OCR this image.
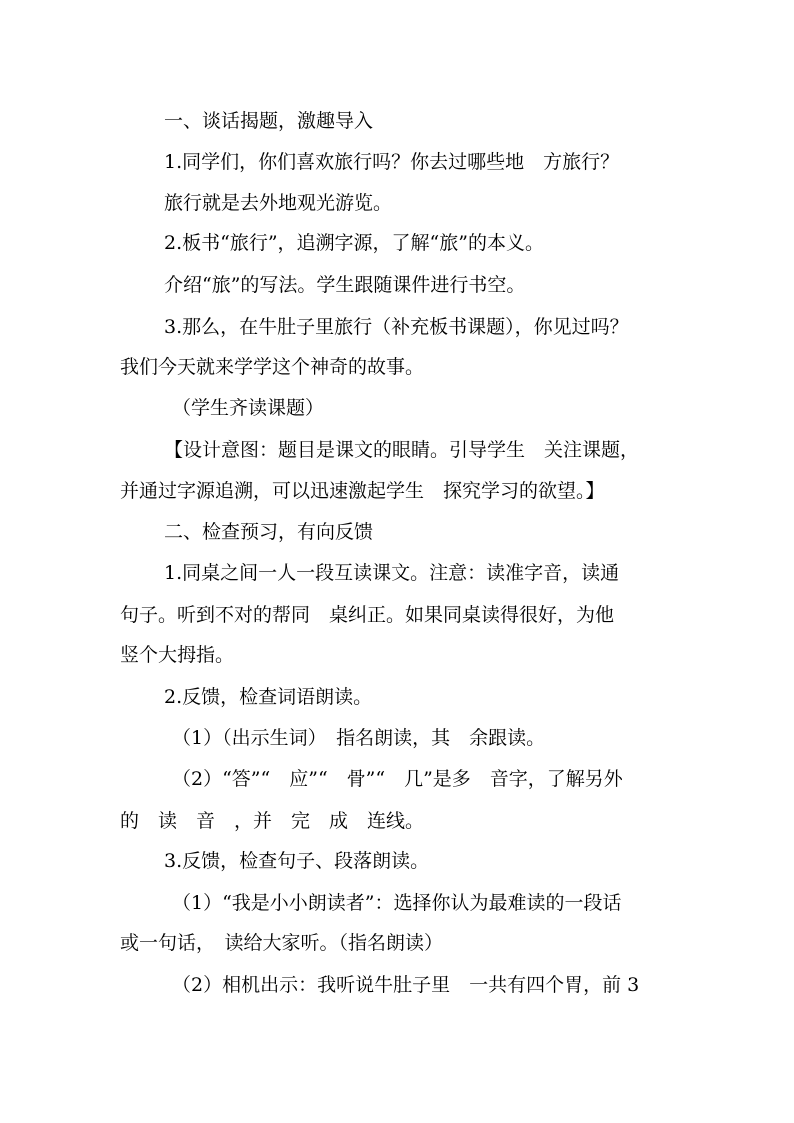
一、谈话揭题，激趣导入
1.同学们，你们喜欢旅行吗？你去过哪些地　方旅行？
旅行就是去外地观光游览。
2.板书“旅行”，追溯字源，了解“旅”的本义。
介绍“旅”的写法。学生跟随课件进行书空。
3.那么，在牛肚子里旅行（补充板书课题），你见过吗？
我们今天就来学学这个神奇的故事。
（学生齐读课题）
【设计意图：题目是课文的眼睛。引导学生　关注课题，
并通过字源追溯，可以迅速激起学生　探究学习的欲望。】
二、检查预习，有向反馈
1.同桌之间一人一段互读课文。注意：读准字音，读通
句子。听到不对的帮同　桌纠正。如果同桌读得很好，为他
竖个大拇指。
2.反馈，检查词语朗读。
（1）（出示生词）　指名朗读，其　余跟读。
（2）“答”“　应”“　骨”“　几”是多　音字，了解另外
的　读　音　，并　完　成　连线。
3.反馈，检查句子、段落朗读。
（1）“我是小小朗读者”：选择你认为最难读的一段话
或一句话，　读给大家听。（指名朗读）
（2）相机出示：我听说牛肚子里　一共有四个胃，前 3
